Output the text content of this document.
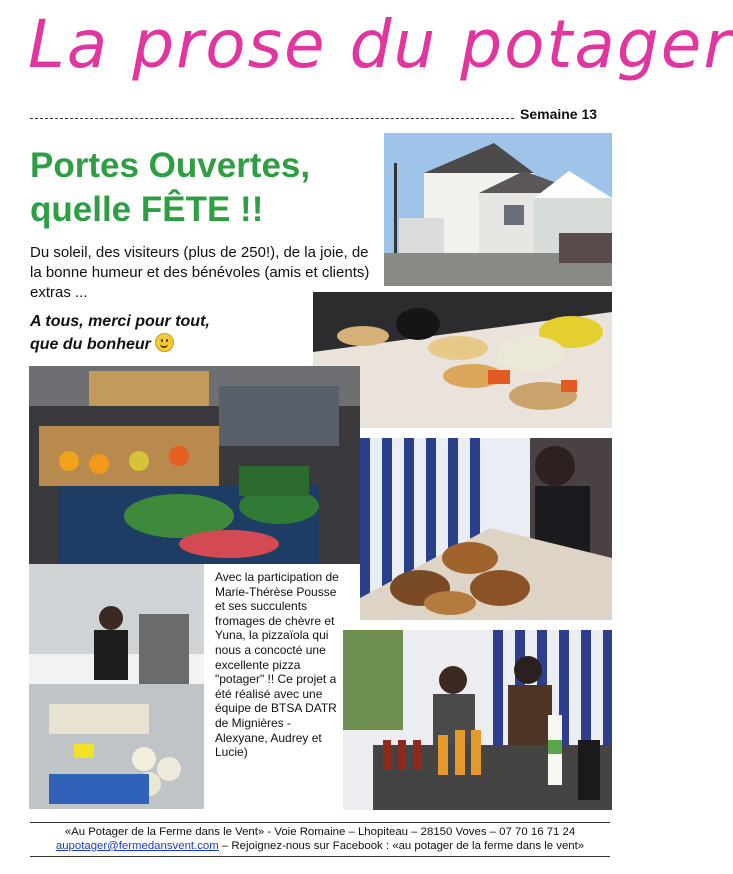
La prose du potager
Semaine 13
Portes Ouvertes,
quelle FÊTE !!
Du soleil, des visiteurs (plus de 250!), de la joie, de la bonne humeur et des bénévoles (amis et clients) extras ...
A tous, merci pour tout,
que du bonheur
Avec la participation de Marie-Thérèse Pousse et ses succulents fromages de chèvre et Yuna, la pizzaïola qui nous a concocté une excellente pizza "potager" !! Ce projet a été réalisé avec une équipe de BTSA DATR de Mignières - Alexyane, Audrey et Lucie)
«Au Potager de la Ferme dans le Vent» - Voie Romaine – Lhopiteau – 28150 Voves – 07 70 16 71 24
aupotager@fermedansvent.com – Rejoignez-nous sur Facebook : «au potager de la ferme dans le vent»
